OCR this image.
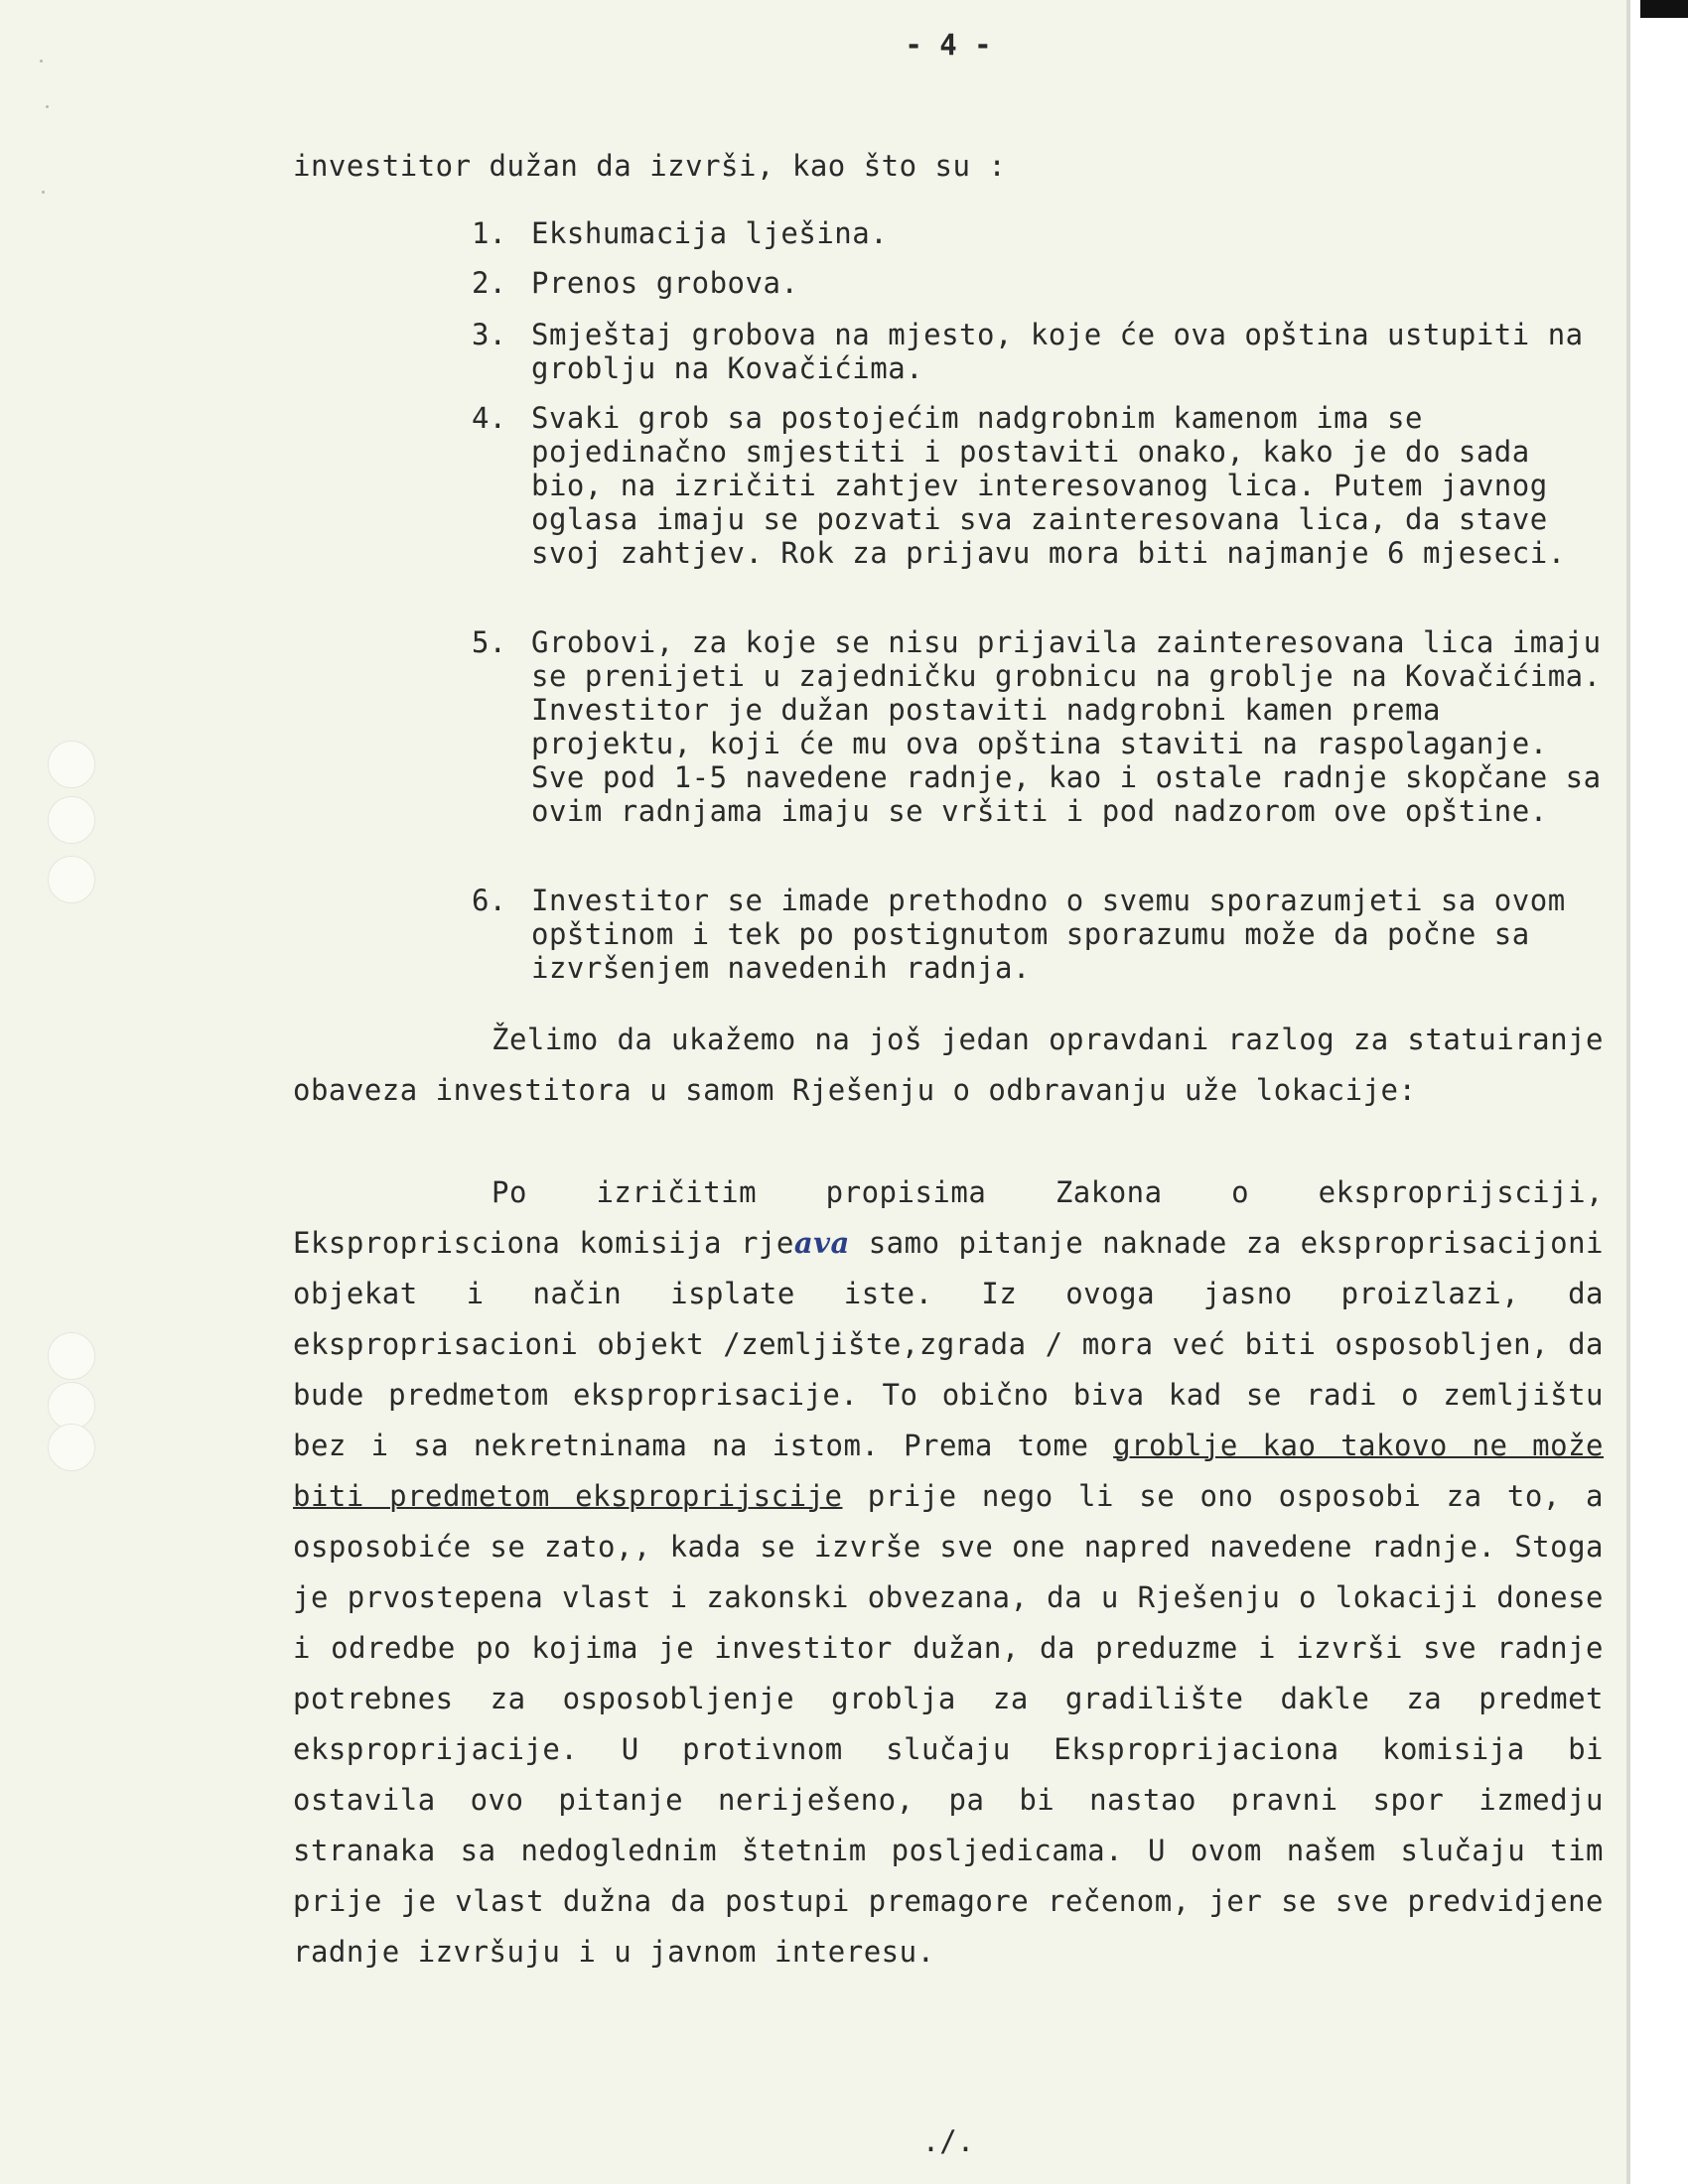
- 4 -
investitor dužan da izvrši, kao što su :
1. Ekshumacija lješina.
2. Prenos grobova.
3. Smještaj grobova na mjesto, koje će ova opština ustupiti na groblju na Kovačićima.
4. Svaki grob sa postojećim nadgrobnim kamenom ima se pojedinačno smjestiti i postaviti onako, kako je do sada bio, na izričiti zahtjev interesovanog lica. Putem javnog oglasa imaju se pozvati sva zainteresovana lica, da stave svoj zahtjev. Rok za prijavu mora biti najmanje 6 mjeseci.
5. Grobovi, za koje se nisu prijavila zainteresovana lica imaju se prenijeti u zajedničku grobnicu na groblje na Kovačićima. Investitor je dužan postaviti nadgrobni kamen prema projektu, koji će mu ova opština staviti na raspolaganje. Sve pod 1-5 navedene radnje, kao i ostale radnje skopčane sa ovim radnjama imaju se vršiti i pod nadzorom ove opštine.
6. Investitor se imade prethodno o svemu sporazumjeti sa ovom opštinom i tek po postignutom sporazumu može da počne sa izvršenjem navedenih radnja.
Želimo da ukažemo na još jedan opravdani razlog za statuiranje obaveza investitora u samom Rješenju o odbravanju uže lokacije:
Po izričitim propisima Zakona o eksproprijsciji, Eksproprisciona komisija rjeava samo pitanje naknade za eksproprisacijoni objekat i način isplate iste. Iz ovoga jasno proizlazi, da eksproprisacioni objekt /zemljište,zgrada / mora već biti osposobljen, da bude predmetom eksproprisacije. To obično biva kad se radi o zemljištu bez i sa nekretninama na istom. Prema tome groblje kao takovo ne može biti predmetom eksproprijscije prije nego li se ono osposobi za to, a osposobiće se zato,, kada se izvrše sve one napred navedene radnje. Stoga je prvostepena vlast i zakonski obvezana, da u Rješenju o lokaciji donese i odredbe po kojima je investitor dužan, da preduzme i izvrši sve radnje potrebnes za osposobljenje groblja za gradilište dakle za predmet eksproprijacije. U protivnom slučaju Eksproprijaciona komisija bi ostavila ovo pitanje neriješeno, pa bi nastao pravni spor izmedju stranaka sa nedoglednim štetnim posljedicama. U ovom našem slučaju tim prije je vlast dužna da postupi premagore rečenom, jer se sve predvidjene radnje izvršuju i u javnom interesu.
./.
